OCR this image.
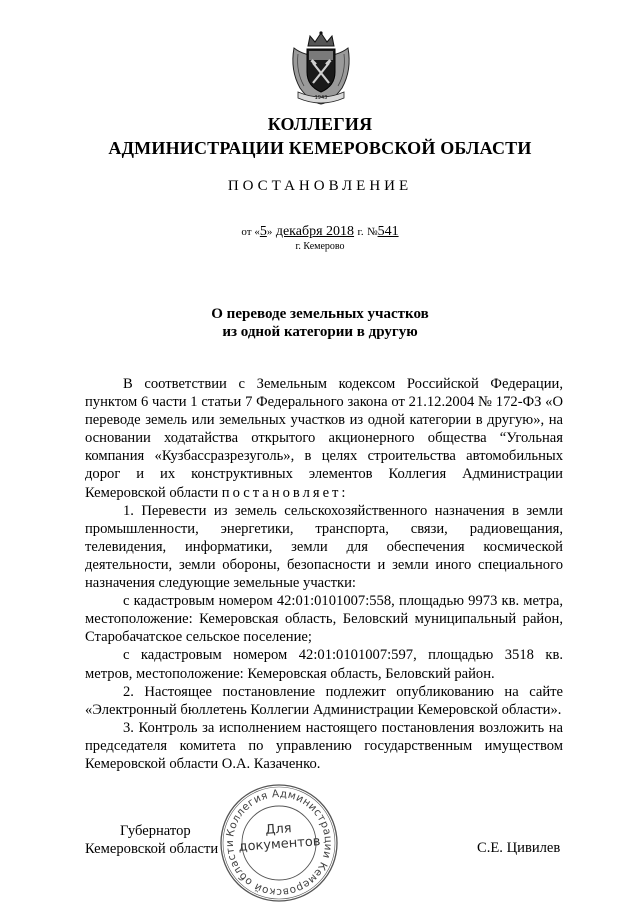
1943
КОЛЛЕГИЯ
АДМИНИСТРАЦИИ КЕМЕРОВСКОЙ ОБЛАСТИ
ПОСТАНОВЛЕНИЕ
от «5» декабря 2018 г. №541
г. Кемерово
О переводе земельных участков
из одной категории в другую

В соответствии с Земельным кодексом Российской Федерации, пунктом 6 части 1 статьи 7 Федерального закона от 21.12.2004 № 172-ФЗ «О переводе земель или земельных участков из одной категории в другую», на основании ходатайства открытого акционерного общества “Угольная компания «Кузбассразрезуголь», в целях строительства автомобильных дорог и их конструктивных элементов Коллегия Администрации Кемеровской области постановляет:

1. Перевести из земель сельскохозяйственного назначения в земли промышленности, энергетики, транспорта, связи, радиовещания, телевидения, информатики, земли для обеспечения космической деятельности, земли обороны, безопасности и земли иного специального назначения следующие земельные участки:

с кадастровым номером 42:01:0101007:558, площадью 9973 кв. метра, местоположение: Кемеровская область, Беловский муниципальный район, Старобачатское сельское поселение;

с кадастровым номером 42:01:0101007:597, площадью 3518 кв. метров, местоположение: Кемеровская область, Беловский район.

2. Настоящее постановление подлежит опубликованию на сайте «Электронный бюллетень Коллегии Администрации Кемеровской области».

3. Контроль за исполнением настоящего постановления возложить на председателя комитета по управлению государственным имуществом Кемеровской области О.А. Казаченко.

Коллегия Администрации Кемеровской области
Для
документов
Губернатор
Кемеровской области	С.Е. Цивилев
